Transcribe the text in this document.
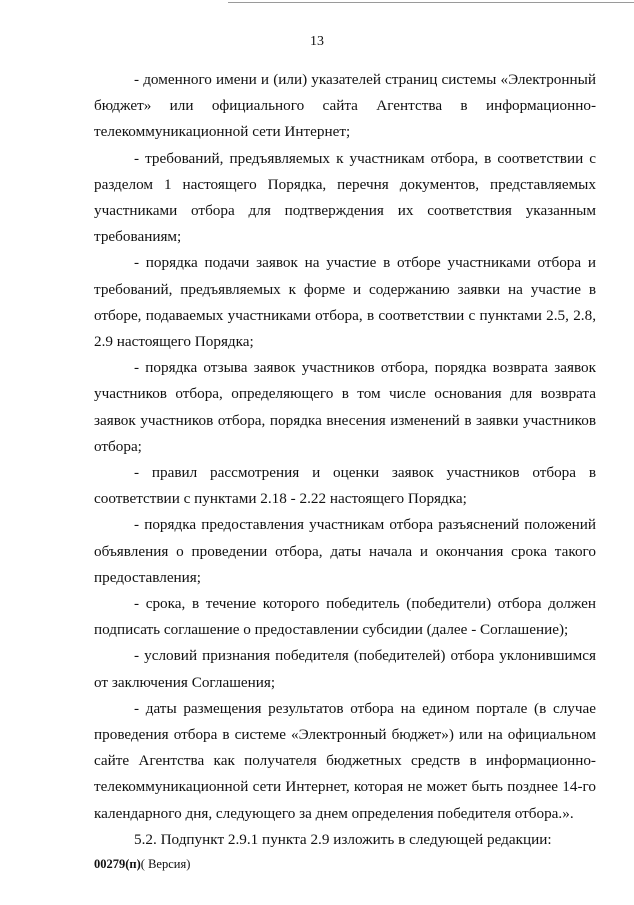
13

- доменного имени и (или) указателей страниц системы «Электронный бюджет» или официального сайта Агентства в информационно-телекоммуникационной сети Интернет;

- требований, предъявляемых к участникам отбора, в соответствии с разделом 1 настоящего Порядка, перечня документов, представляемых участниками отбора для подтверждения их соответствия указанным требованиям;

- порядка подачи заявок на участие в отборе участниками отбора и требований, предъявляемых к форме и содержанию заявки на участие в отборе, подаваемых участниками отбора, в соответствии с пунктами 2.5, 2.8, 2.9 настоящего Порядка;

- порядка отзыва заявок участников отбора, порядка возврата заявок участников отбора, определяющего в том числе основания для возврата заявок участников отбора, порядка внесения изменений в заявки участников отбора;

- правил рассмотрения и оценки заявок участников отбора в соответствии с пунктами 2.18 - 2.22 настоящего Порядка;

- порядка предоставления участникам отбора разъяснений положений объявления о проведении отбора, даты начала и окончания срока такого предоставления;

- срока, в течение которого победитель (победители) отбора должен подписать соглашение о предоставлении субсидии (далее - Соглашение);

- условий признания победителя (победителей) отбора уклонившимся от заключения Соглашения;

- даты размещения результатов отбора на едином портале (в случае проведения отбора в системе «Электронный бюджет») или на официальном сайте Агентства как получателя бюджетных средств в информационно-телекоммуникационной сети Интернет, которая не может быть позднее 14-го календарного дня, следующего за днем определения победителя отбора.».

5.2. Подпункт 2.9.1 пункта 2.9 изложить в следующей редакции:

00279(п)( Версия)
